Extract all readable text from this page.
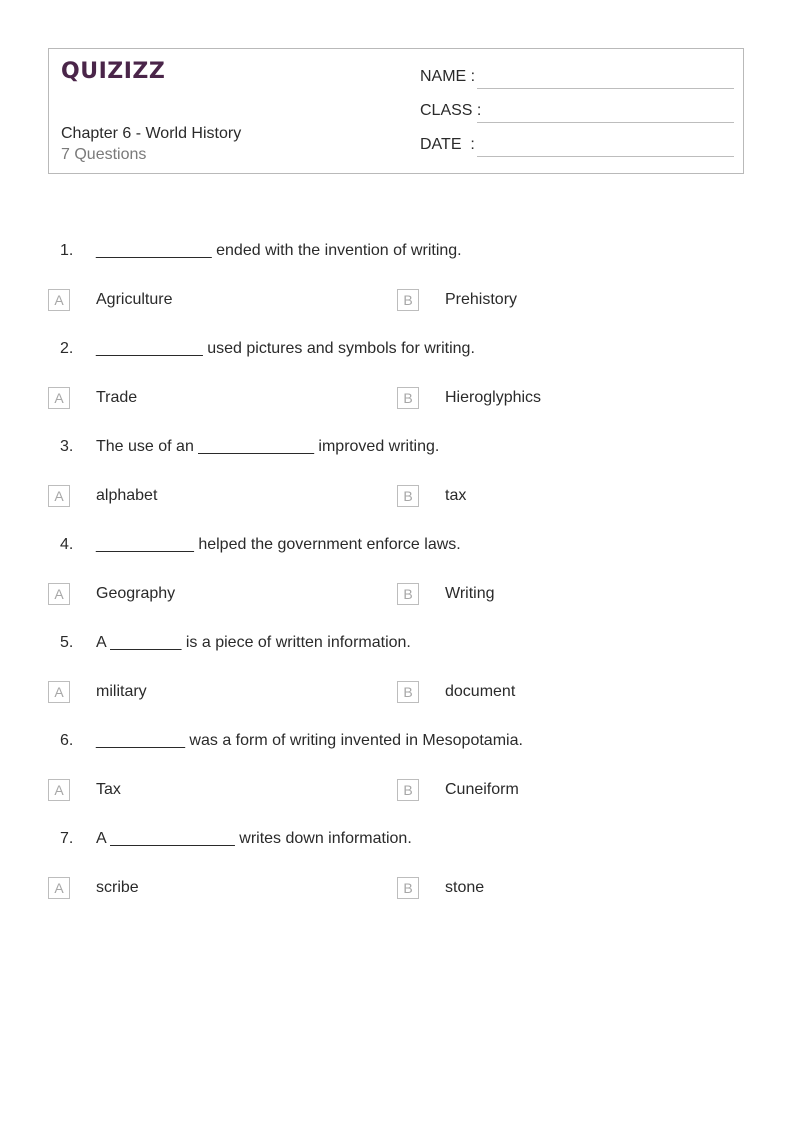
QUIZIZZ
Chapter 6 - World History
7 Questions
NAME :
CLASS :
DATE  :
1. _____________ ended with the invention of writing.
A	Agriculture	B	Prehistory
2. ____________ used pictures and symbols for writing.
A	Trade	B	Hieroglyphics
3. The use of an _____________ improved writing.
A	alphabet	B	tax
4. ___________ helped the government enforce laws.
A	Geography	B	Writing
5. A ________ is a piece of written information.
A	military	B	document
6. __________ was a form of writing invented in Mesopotamia.
A	Tax	B	Cuneiform
7. A ______________ writes down information.
A	scribe	B	stone
